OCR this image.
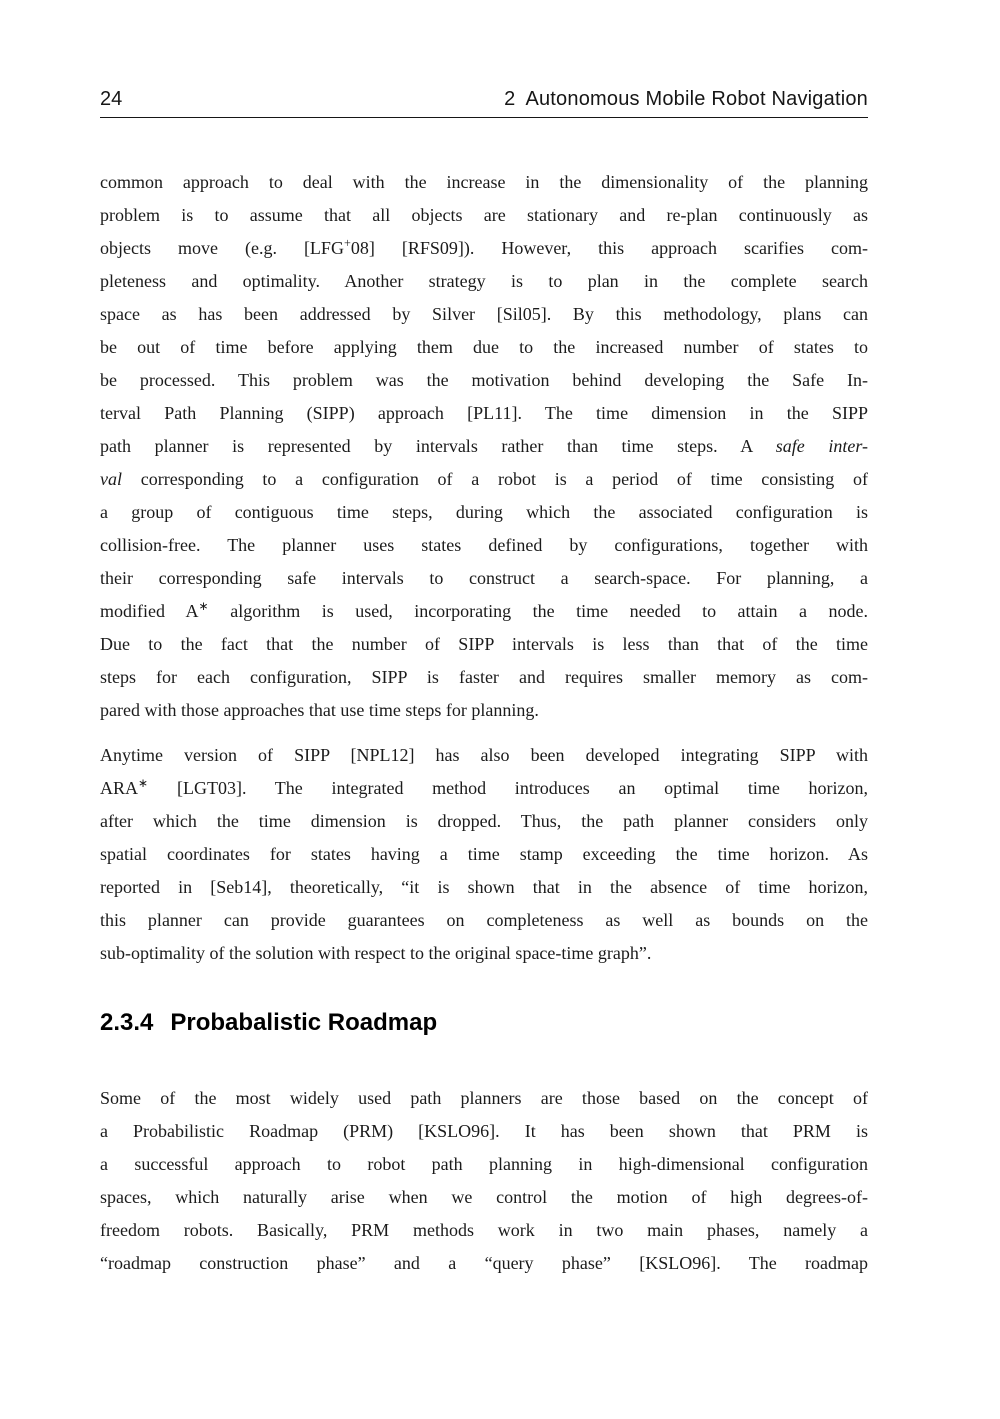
24	2 Autonomous Mobile Robot Navigation
common approach to deal with the increase in the dimensionality of the planning
problem is to assume that all objects are stationary and re-plan continuously as
objects move (e.g. [LFG+08] [RFS09]). However, this approach scarifies com-
pleteness and optimality. Another strategy is to plan in the complete search
space as has been addressed by Silver [Sil05]. By this methodology, plans can
be out of time before applying them due to the increased number of states to
be processed. This problem was the motivation behind developing the Safe In-
terval Path Planning (SIPP) approach [PL11]. The time dimension in the SIPP
path planner is represented by intervals rather than time steps. A safe inter-
val corresponding to a configuration of a robot is a period of time consisting of
a group of contiguous time steps, during which the associated configuration is
collision-free. The planner uses states defined by configurations, together with
their corresponding safe intervals to construct a search-space. For planning, a
modified A∗ algorithm is used, incorporating the time needed to attain a node.
Due to the fact that the number of SIPP intervals is less than that of the time
steps for each configuration, SIPP is faster and requires smaller memory as com-
pared with those approaches that use time steps for planning.
Anytime version of SIPP [NPL12] has also been developed integrating SIPP with
ARA∗ [LGT03]. The integrated method introduces an optimal time horizon,
after which the time dimension is dropped. Thus, the path planner considers only
spatial coordinates for states having a time stamp exceeding the time horizon. As
reported in [Seb14], theoretically, “it is shown that in the absence of time horizon,
this planner can provide guarantees on completeness as well as bounds on the
sub-optimality of the solution with respect to the original space-time graph”.
2.3.4 Probabalistic Roadmap
Some of the most widely used path planners are those based on the concept of
a Probabilistic Roadmap (PRM) [KSLO96]. It has been shown that PRM is
a successful approach to robot path planning in high-dimensional configuration
spaces, which naturally arise when we control the motion of high degrees-of-
freedom robots. Basically, PRM methods work in two main phases, namely a
“roadmap construction phase” and a “query phase” [KSLO96]. The roadmap
